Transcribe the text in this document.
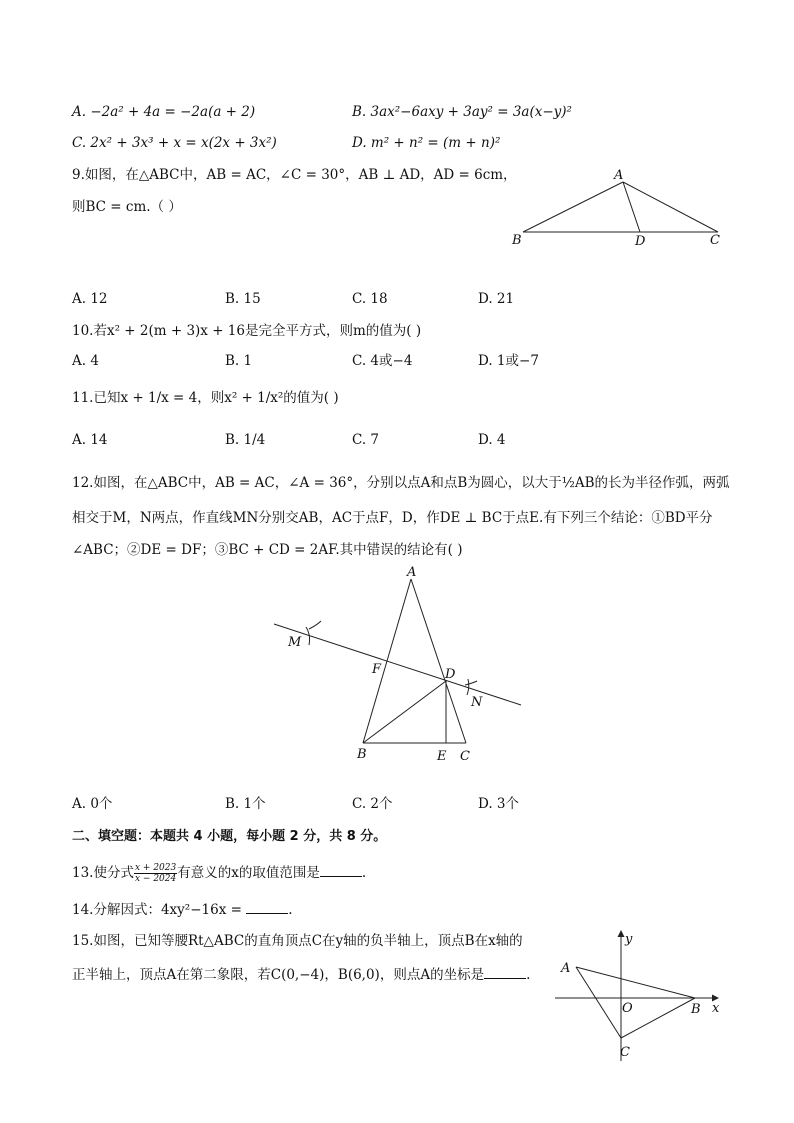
A. −2a² + 4a = −2a(a + 2)	B. 3ax²−6axy + 3ay² = 3a(x−y)²
C. 2x² + 3x³ + x = x(2x + 3x²)	D. m² + n² = (m + n)²
9.如图，在△ABC中，AB = AC，∠C = 30°，AB ⊥ AD，AD = 6cm，
则BC = cm.（ ）
A
B	D	C
A. 12	B. 15	C. 18	D. 21
10.若x² + 2(m + 3)x + 16是完全平方式，则m的值为( )
A. 4	B. 1	C. 4或−4	D. 1或−7
11.已知x + 1/x = 4，则x² + 1/x²的值为( )
A. 14	B. 1/4	C. 7	D. 4
12.如图，在△ABC中，AB = AC，∠A = 36°，分别以点A和点B为圆心，以大于½AB的长为半径作弧，两弧
相交于M，N两点，作直线MN分别交AB，AC于点F，D，作DE ⊥ BC于点E.有下列三个结论：①BD平分
∠ABC；②DE = DF；③BC + CD = 2AF.其中错误的结论有( )
A
M
F	D
N
B	E C
A. 0个	B. 1个	C. 2个	D. 3个
二、填空题：本题共 4 小题，每小题 2 分，共 8 分。
13.使分式 $\frac{x + 2023}{x - 2024}$ 有意义的x的取值范围是	.
14.分解因式：4xy²−16x =	.
15.如图，已知等腰Rt△ABC的直角顶点C在y轴的负半轴上，顶点B在x轴的
正半轴上，顶点A在第二象限，若C(0,−4)，B(6,0)，则点A的坐标是	.
y
A
O	B x
C
